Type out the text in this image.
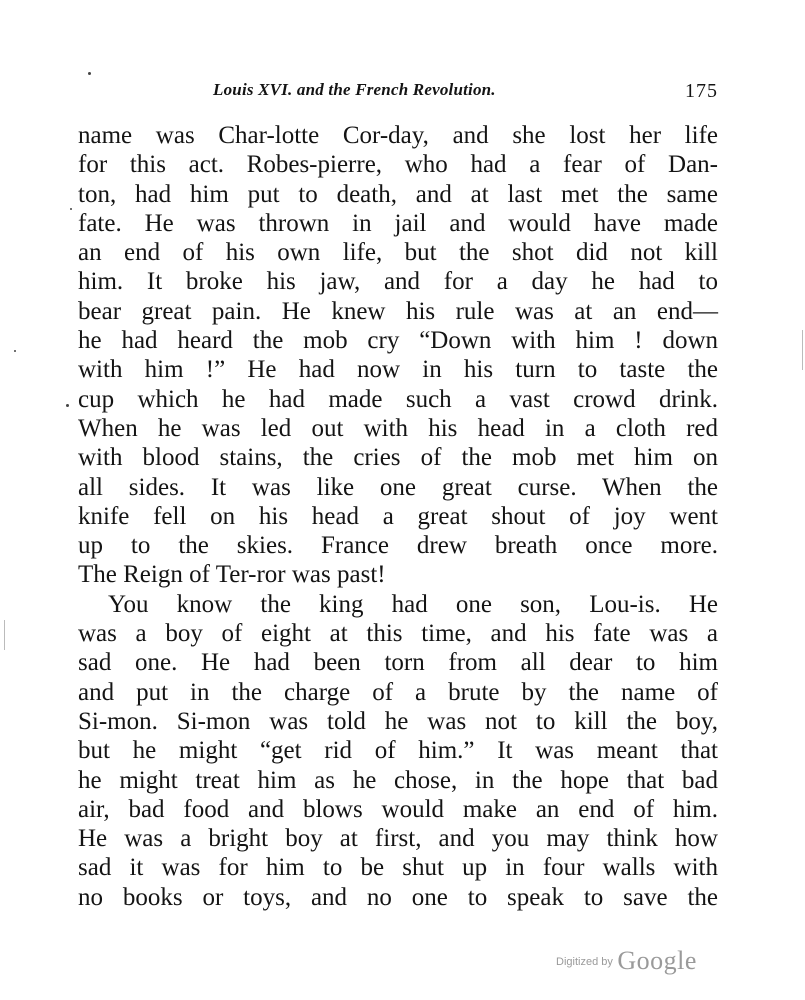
Louis XVI. and the French Revolution.	175
name was Char-lotte Cor-day, and she lost her life
for this act. Robes-pierre, who had a fear of Dan-
ton, had him put to death, and at last met the same
fate. He was thrown in jail and would have made
an end of his own life, but the shot did not kill
him. It broke his jaw, and for a day he had to
bear great pain. He knew his rule was at an end—
he had heard the mob cry “Down with him ! down
with him !” He had now in his turn to taste the
cup which he had made such a vast crowd drink.
When he was led out with his head in a cloth red
with blood stains, the cries of the mob met him on
all sides. It was like one great curse. When the
knife fell on his head a great shout of joy went
up to the skies. France drew breath once more.
The Reign of Ter-ror was past!
You know the king had one son, Lou-is. He
was a boy of eight at this time, and his fate was a
sad one. He had been torn from all dear to him
and put in the charge of a brute by the name of
Si-mon. Si-mon was told he was not to kill the boy,
but he might “get rid of him.” It was meant that
he might treat him as he chose, in the hope that bad
air, bad food and blows would make an end of him.
He was a bright boy at first, and you may think how
sad it was for him to be shut up in four walls with
no books or toys, and no one to speak to save the
$^{Digitized by}$ Google
